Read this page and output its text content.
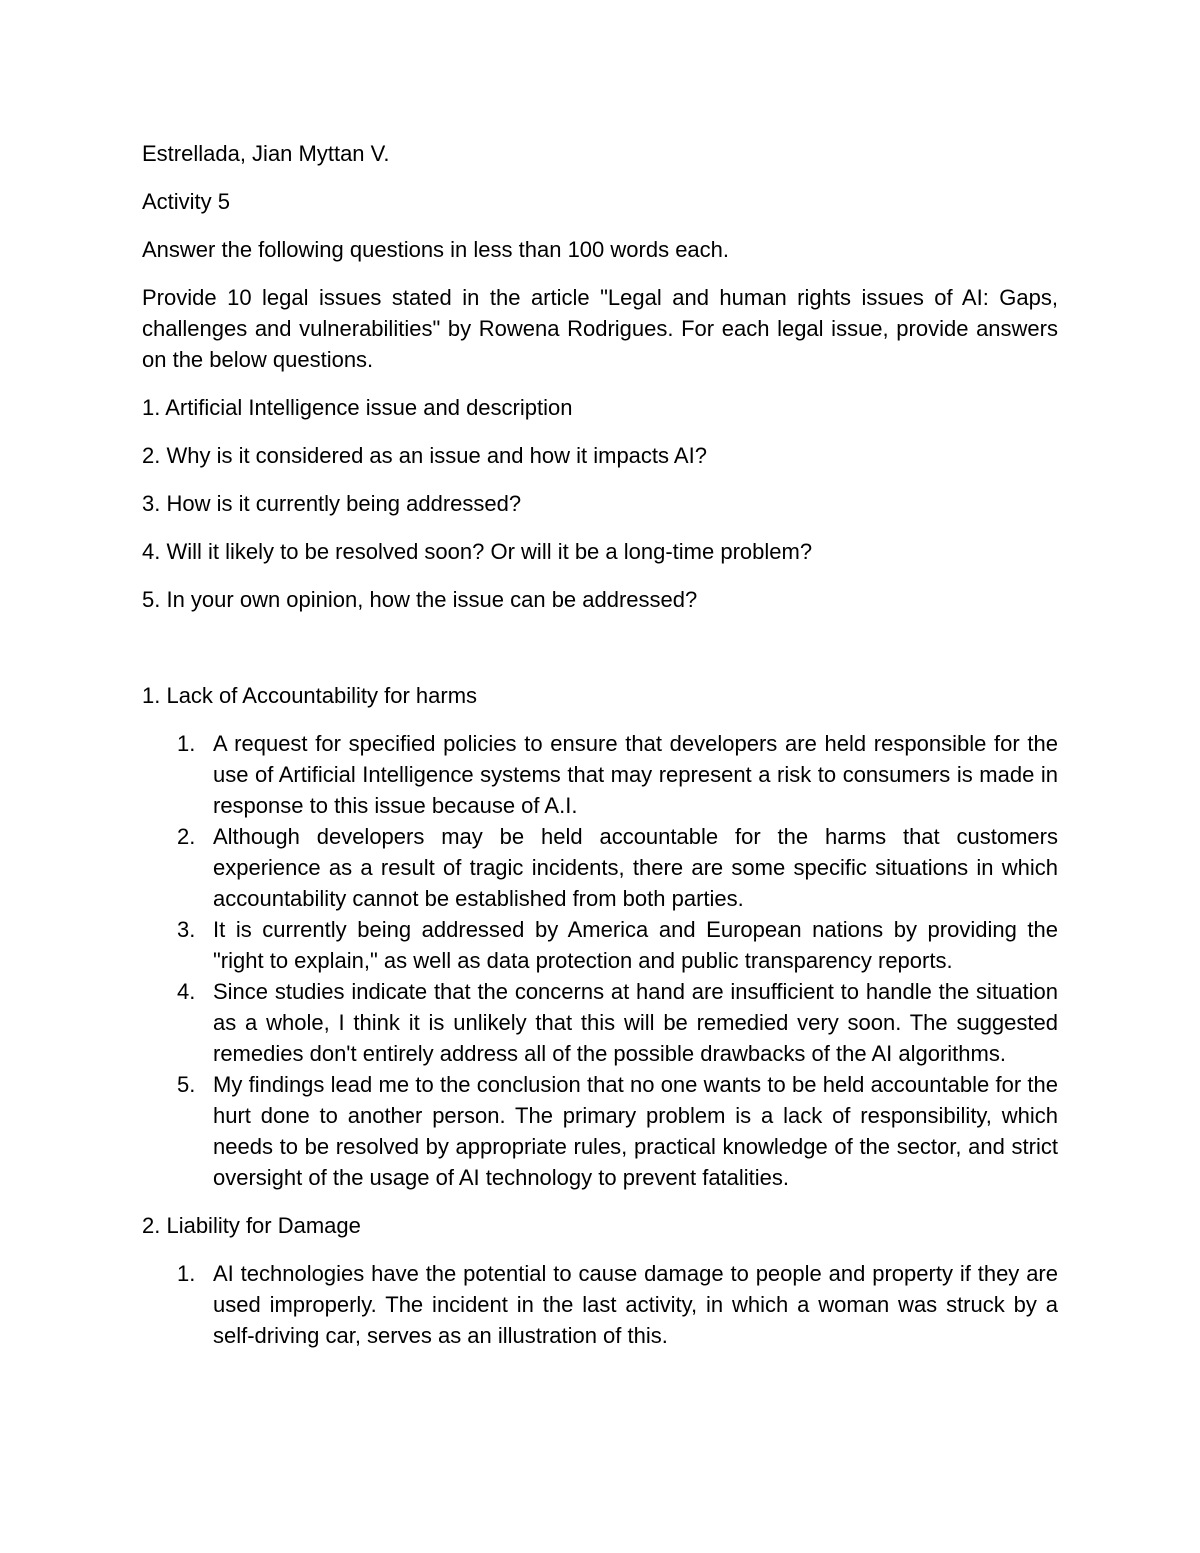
Estrellada, Jian Myttan V.

Activity 5

Answer the following questions in less than 100 words each.

Provide 10 legal issues stated in the article "Legal and human rights issues of AI: Gaps, challenges and vulnerabilities" by Rowena Rodrigues. For each legal issue, provide answers on the below questions.

1. Artificial Intelligence issue and description

2. Why is it considered as an issue and how it impacts AI?

3. How is it currently being addressed?

4. Will it likely to be resolved soon? Or will it be a long-time problem?

5. In your own opinion, how the issue can be addressed?

1. Lack of Accountability for harms

1. A request for specified policies to ensure that developers are held responsible for the use of Artificial Intelligence systems that may represent a risk to consumers is made in response to this issue because of A.I.
2. Although developers may be held accountable for the harms that customers experience as a result of tragic incidents, there are some specific situations in which accountability cannot be established from both parties.
3. It is currently being addressed by America and European nations by providing the "right to explain," as well as data protection and public transparency reports.
4. Since studies indicate that the concerns at hand are insufficient to handle the situation as a whole, I think it is unlikely that this will be remedied very soon. The suggested remedies don't entirely address all of the possible drawbacks of the AI algorithms.
5. My findings lead me to the conclusion that no one wants to be held accountable for the hurt done to another person. The primary problem is a lack of responsibility, which needs to be resolved by appropriate rules, practical knowledge of the sector, and strict oversight of the usage of AI technology to prevent fatalities.

2. Liability for Damage

1. AI technologies have the potential to cause damage to people and property if they are used improperly. The incident in the last activity, in which a woman was struck by a self-driving car, serves as an illustration of this.
